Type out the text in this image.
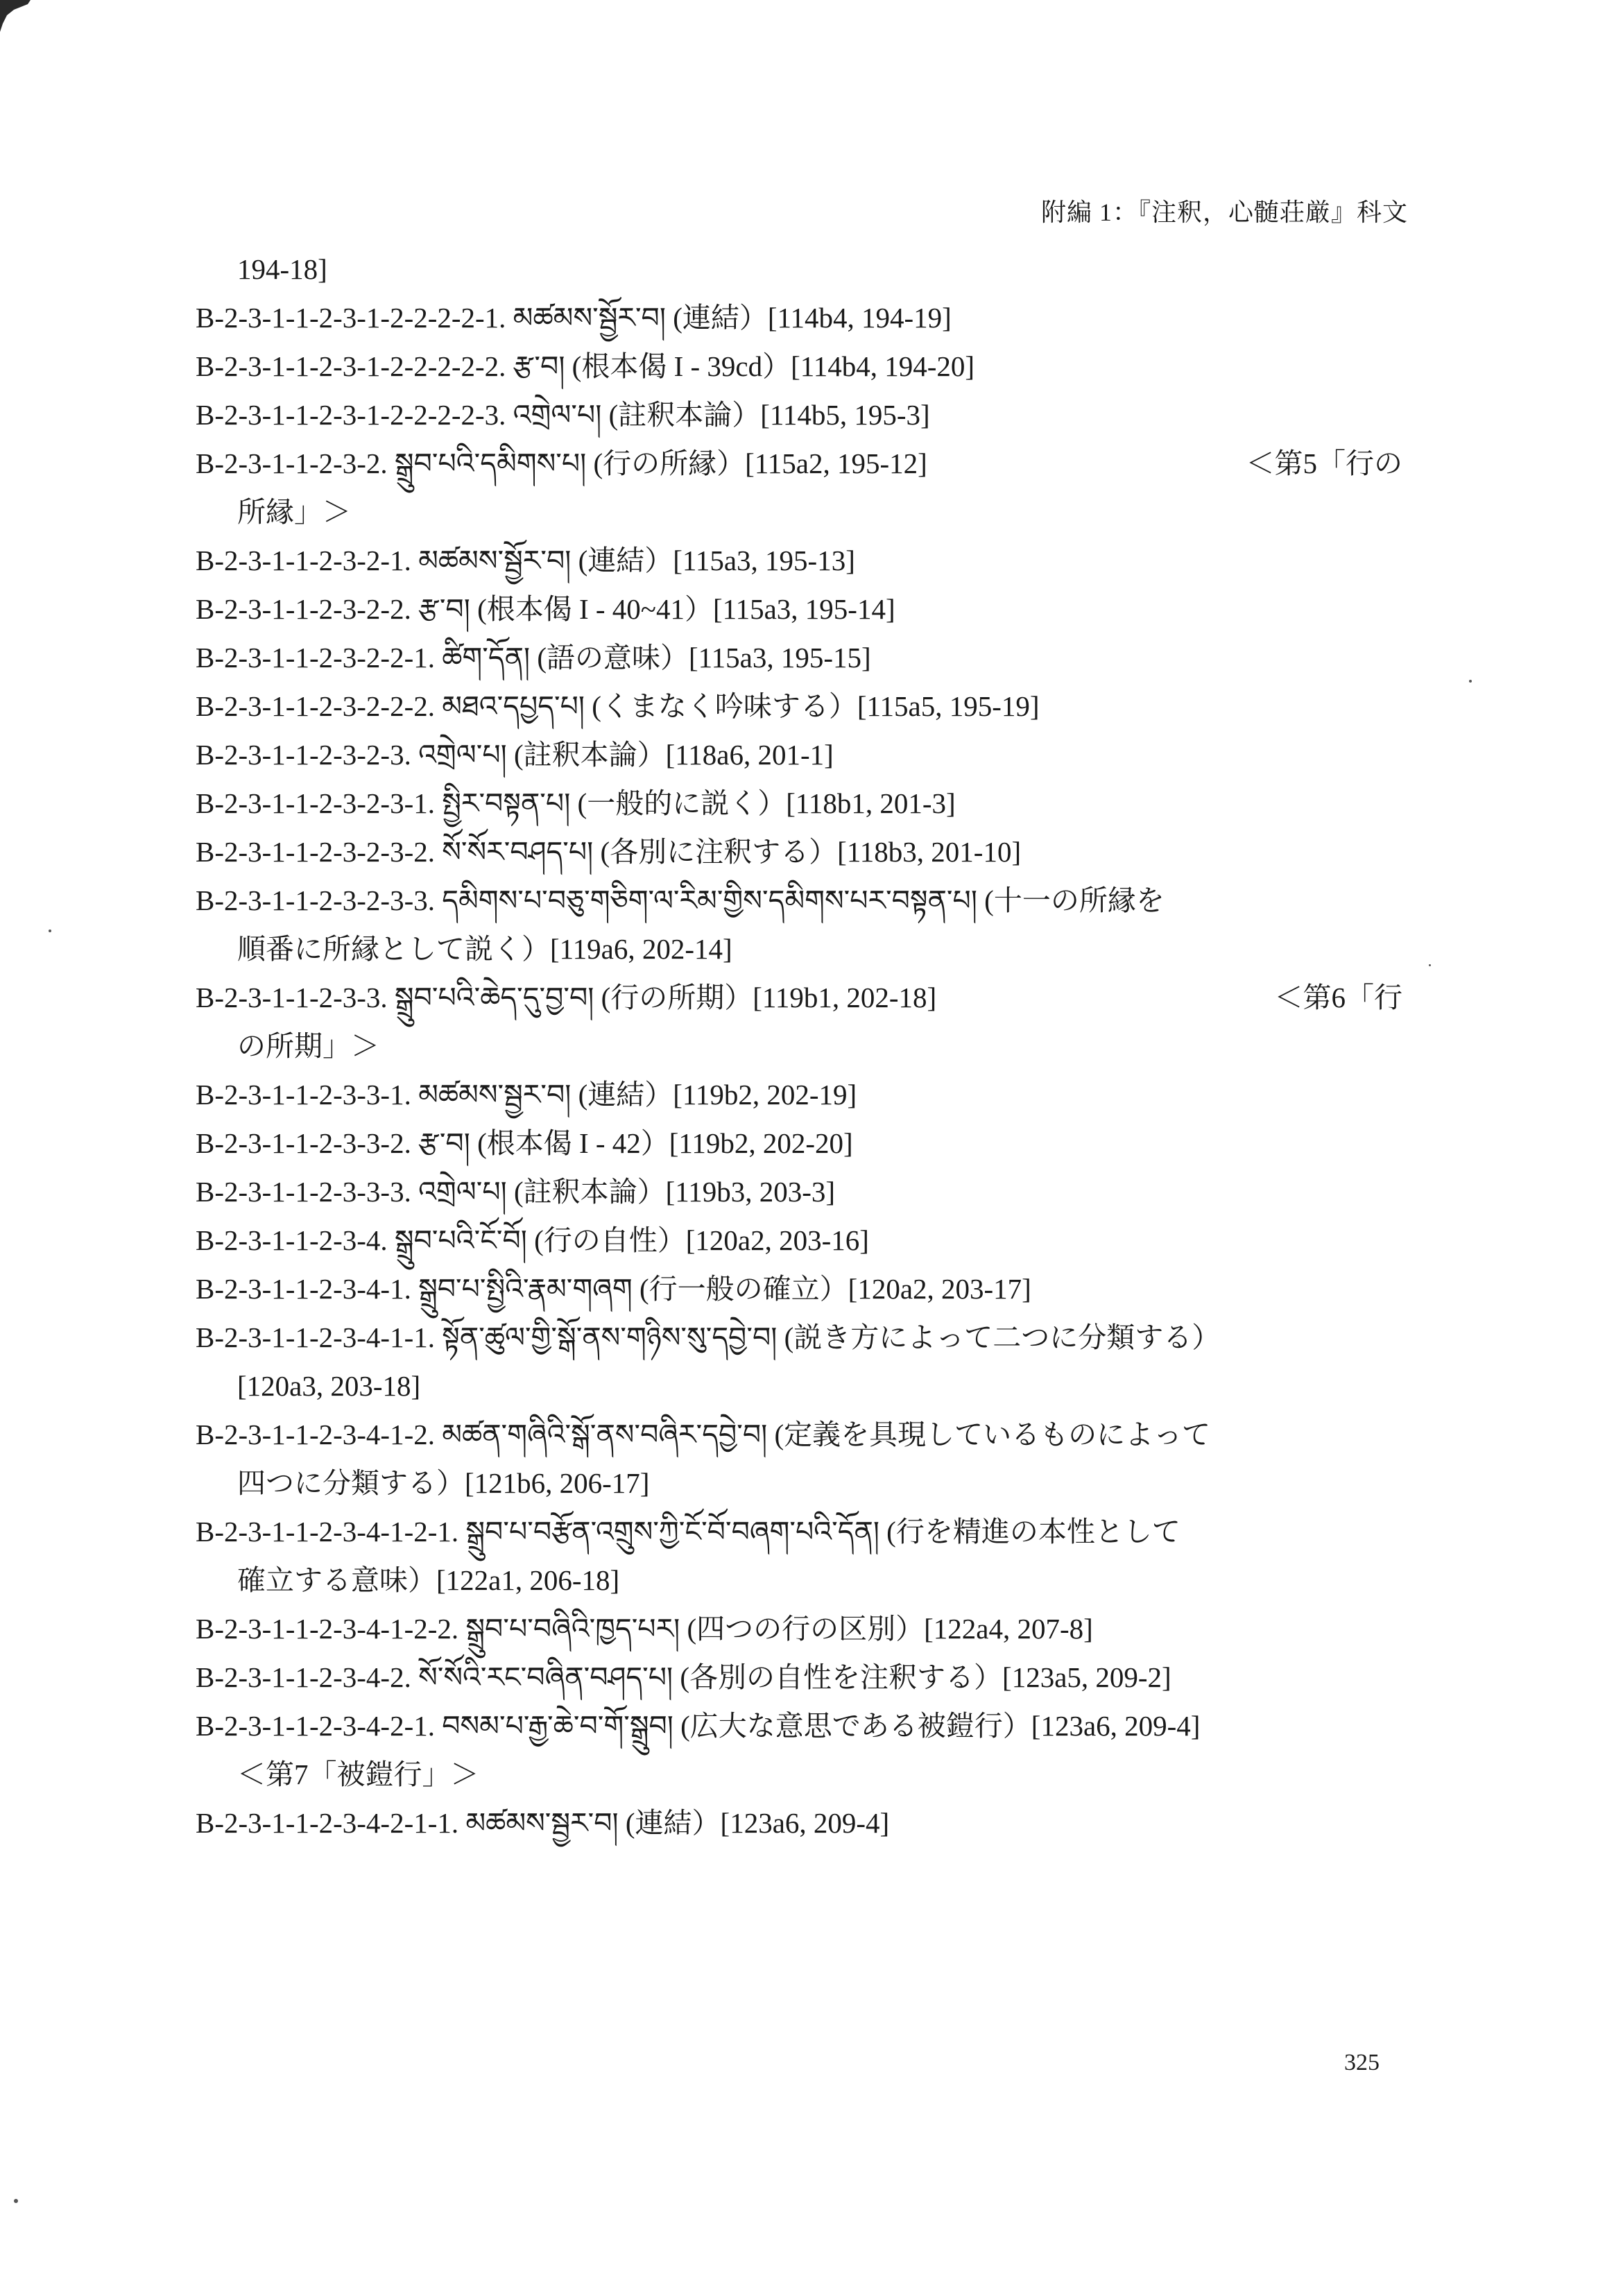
附編 1：『注釈，心髄荘厳』科文
194-18]
B-2-3-1-1-2-3-1-2-2-2-2-1. མཚམས་སྦྱོར་བ། (連結）[114b4, 194-19]
B-2-3-1-1-2-3-1-2-2-2-2-2. རྩ་བ། (根本偈 I - 39cd）[114b4, 194-20]
B-2-3-1-1-2-3-1-2-2-2-2-3. འགྲེལ་པ། (註釈本論）[114b5, 195-3]
B-2-3-1-1-2-3-2. སྒྲུབ་པའི་དམིགས་པ། (行の所縁）[115a2, 195-12]	＜第5「行の
所縁」＞
B-2-3-1-1-2-3-2-1. མཚམས་སྦྱོར་བ། (連結）[115a3, 195-13]
B-2-3-1-1-2-3-2-2. རྩ་བ། (根本偈 I - 40~41）[115a3, 195-14]
B-2-3-1-1-2-3-2-2-1. ཚིག་དོན། (語の意味）[115a3, 195-15]
B-2-3-1-1-2-3-2-2-2. མཐའ་དཔྱད་པ། (くまなく吟味する）[115a5, 195-19]
B-2-3-1-1-2-3-2-3. འགྲེལ་པ། (註釈本論）[118a6, 201-1]
B-2-3-1-1-2-3-2-3-1. སྤྱིར་བསྟན་པ། (一般的に説く）[118b1, 201-3]
B-2-3-1-1-2-3-2-3-2. སོ་སོར་བཤད་པ། (各別に注釈する）[118b3, 201-10]
B-2-3-1-1-2-3-2-3-3. དམིགས་པ་བཅུ་གཅིག་ལ་རིམ་གྱིས་དམིགས་པར་བསྟན་པ། (十一の所縁を
順番に所縁として説く）[119a6, 202-14]
B-2-3-1-1-2-3-3. སྒྲུབ་པའི་ཆེད་དུ་བྱ་བ། (行の所期）[119b1, 202-18]	＜第6「行
の所期」＞
B-2-3-1-1-2-3-3-1. མཚམས་སྦྱར་བ། (連結）[119b2, 202-19]
B-2-3-1-1-2-3-3-2. རྩ་བ། (根本偈 I - 42）[119b2, 202-20]
B-2-3-1-1-2-3-3-3. འགྲེལ་པ། (註釈本論）[119b3, 203-3]
B-2-3-1-1-2-3-4. སྒྲུབ་པའི་ངོ་བོ། (行の自性）[120a2, 203-16]
B-2-3-1-1-2-3-4-1. སྒྲུབ་པ་སྤྱིའི་རྣམ་གཞག (行一般の確立）[120a2, 203-17]
B-2-3-1-1-2-3-4-1-1. སྟོན་ཚུལ་གྱི་སྒོ་ནས་གཉིས་སུ་དབྱེ་བ། (説き方によって二つに分類する）
[120a3, 203-18]
B-2-3-1-1-2-3-4-1-2. མཚན་གཞིའི་སྒོ་ནས་བཞིར་དབྱེ་བ། (定義を具現しているものによって
四つに分類する）[121b6, 206-17]
B-2-3-1-1-2-3-4-1-2-1. སྒྲུབ་པ་བརྩོན་འགྲུས་ཀྱི་ངོ་བོ་བཞག་པའི་དོན། (行を精進の本性として
確立する意味）[122a1, 206-18]
B-2-3-1-1-2-3-4-1-2-2. སྒྲུབ་པ་བཞིའི་ཁྱད་པར། (四つの行の区別）[122a4, 207-8]
B-2-3-1-1-2-3-4-2. སོ་སོའི་རང་བཞིན་བཤད་པ། (各別の自性を注釈する）[123a5, 209-2]
B-2-3-1-1-2-3-4-2-1. བསམ་པ་རྒྱ་ཆེ་བ་གོ་སྒྲུབ། (広大な意思である被鎧行）[123a6, 209-4]
＜第7「被鎧行」＞
B-2-3-1-1-2-3-4-2-1-1. མཚམས་སྦྱར་བ། (連結）[123a6, 209-4]
325
